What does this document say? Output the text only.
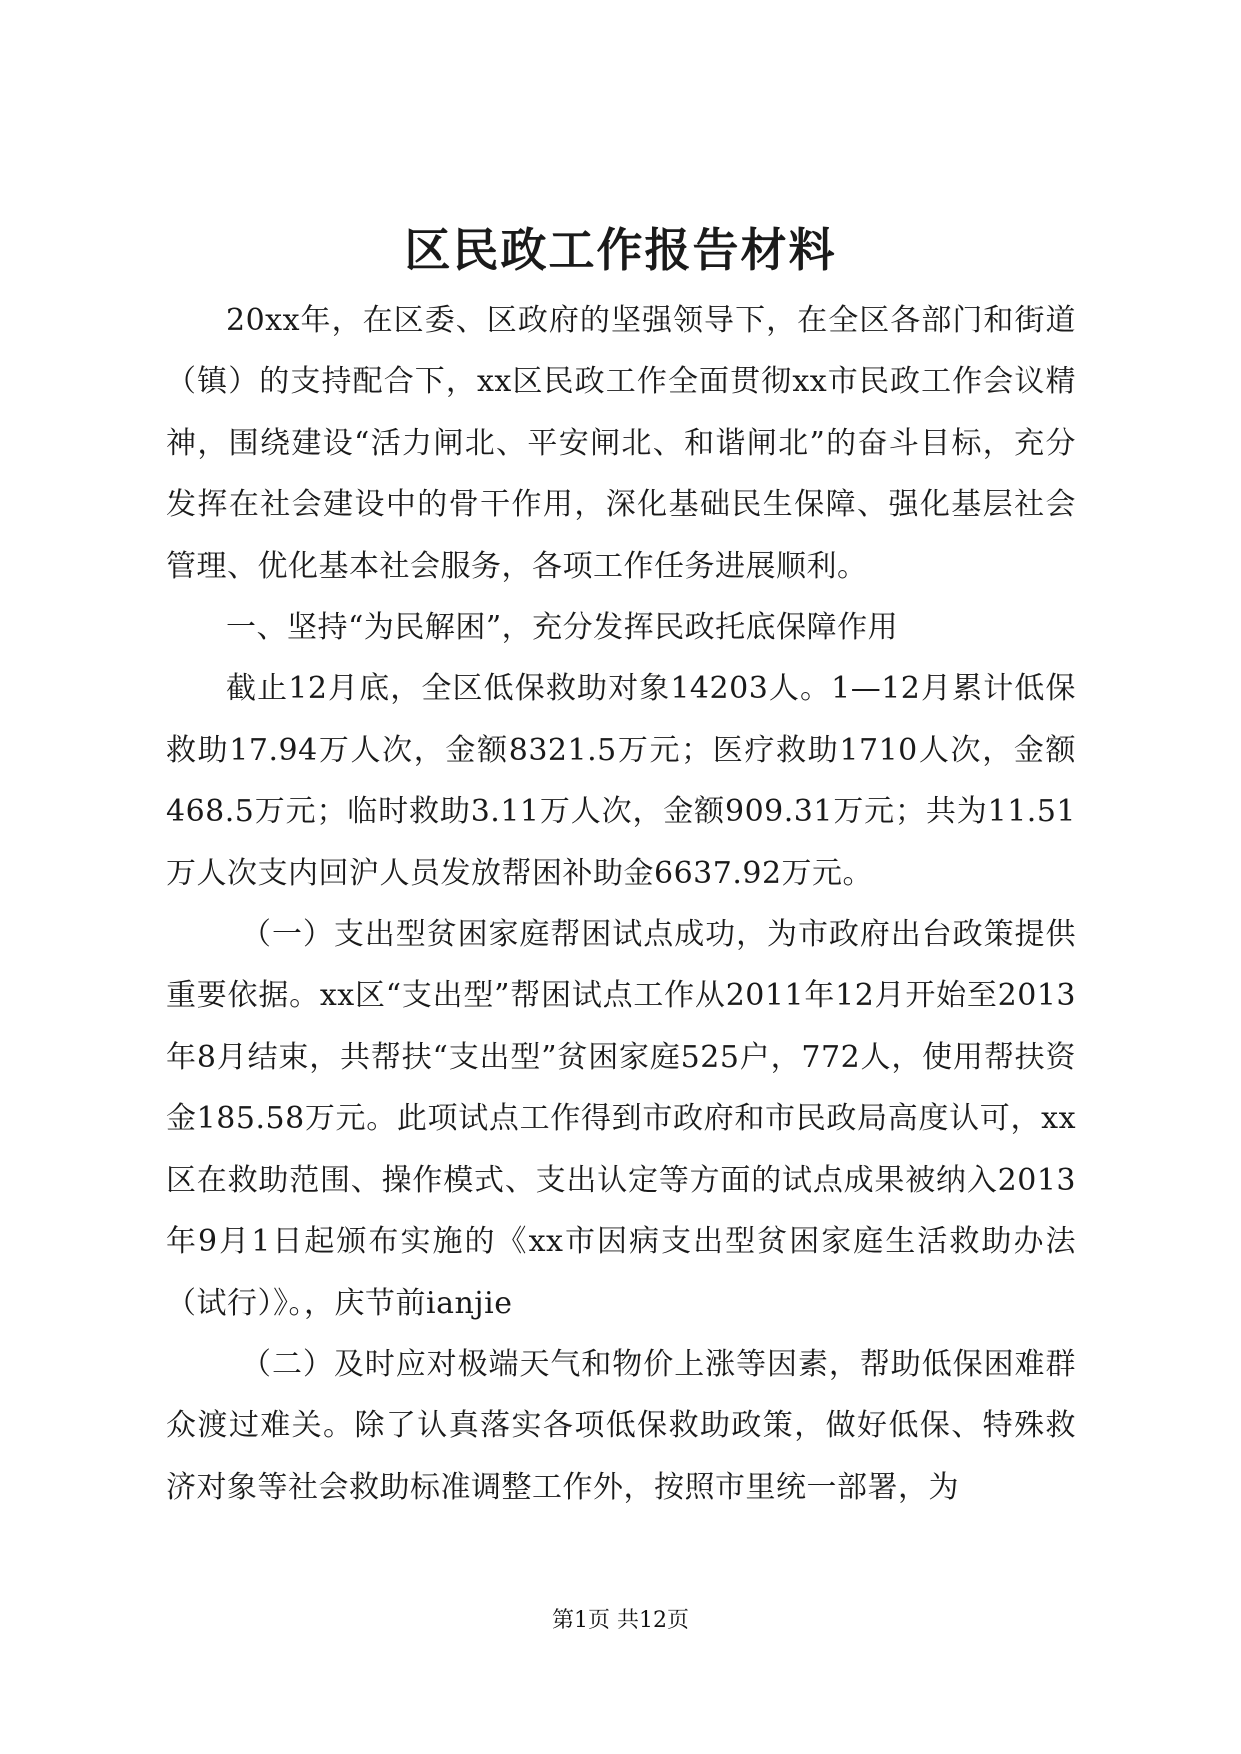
区民政工作报告材料

20xx年，在区委、区政府的坚强领导下，在全区各部门和街道（镇）的支持配合下，xx区民政工作全面贯彻xx市民政工作会议精神，围绕建设“活力闸北、平安闸北、和谐闸北”的奋斗目标，充分发挥在社会建设中的骨干作用，深化基础民生保障、强化基层社会管理、优化基本社会服务，各项工作任务进展顺利。

一、坚持“为民解困”，充分发挥民政托底保障作用

截止12月底，全区低保救助对象14203人。1—12月累计低保救助17.94万人次，金额8321.5万元；医疗救助1710人次，金额468.5万元；临时救助3.11万人次，金额909.31万元；共为11.51万人次支内回沪人员发放帮困补助金6637.92万元。

（一）支出型贫困家庭帮困试点成功，为市政府出台政策提供重要依据。xx区“支出型”帮困试点工作从2011年12月开始至2013年8月结束，共帮扶“支出型”贫困家庭525户，772人，使用帮扶资金185.58万元。此项试点工作得到市政府和市民政局高度认可，xx区在救助范围、操作模式、支出认定等方面的试点成果被纳入2013年9月1日起颁布实施的《xx市因病支出型贫困家庭生活救助办法（试行）》。，庆节前ianjie

（二）及时应对极端天气和物价上涨等因素，帮助低保困难群众渡过难关。除了认真落实各项低保救助政策，做好低保、特殊救济对象等社会救助标准调整工作外，按照市里统一部署，为

第1页 共12页
